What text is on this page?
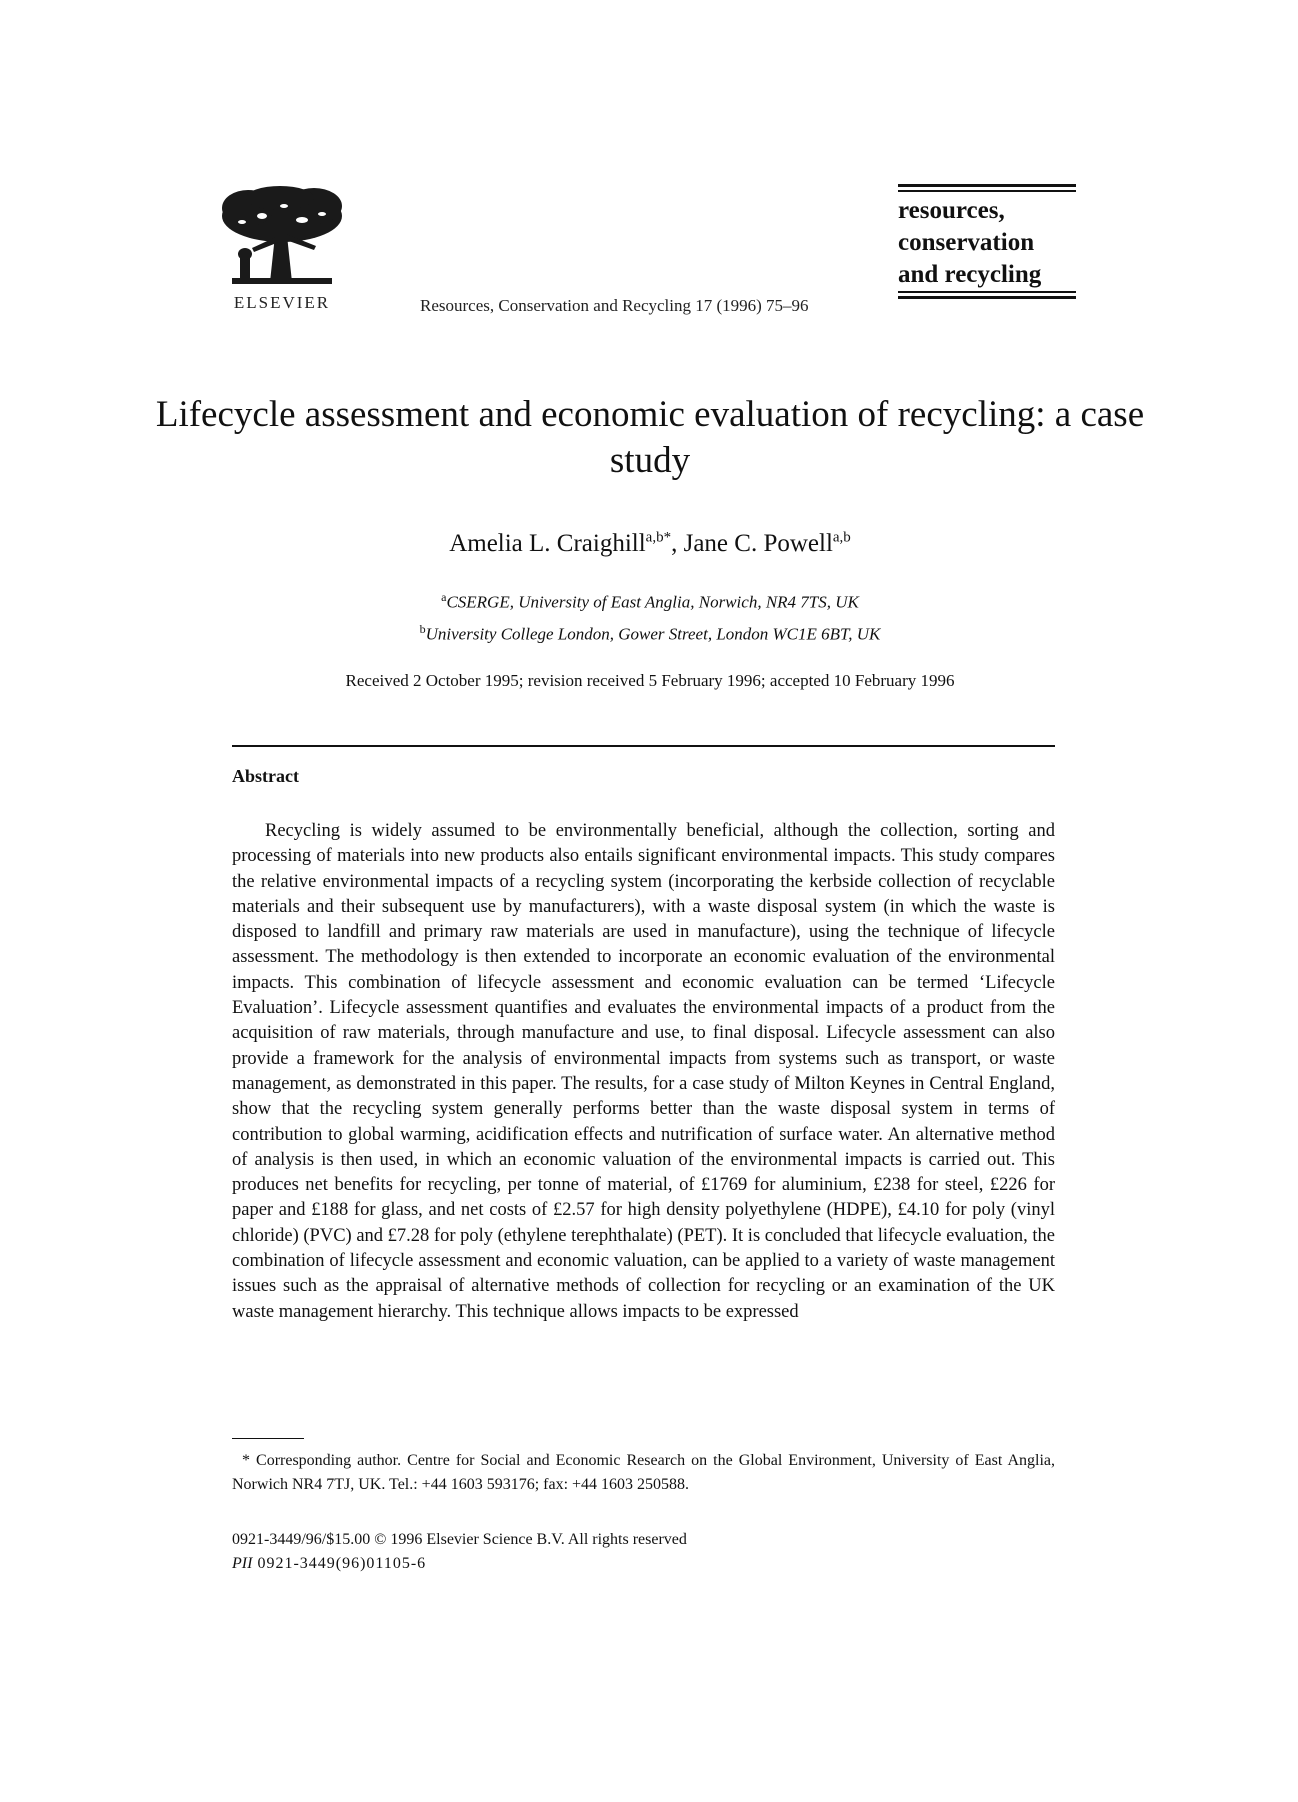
ELSEVIER	Resources, Conservation and Recycling 17 (1996) 75–96
resources,
conservation
and recycling
Lifecycle assessment and economic evaluation of recycling: a case study
Amelia L. Craighill$^{a,b*}$, Jane C. Powell$^{a,b}$
$^a$CSERGE, University of East Anglia, Norwich, NR4 7TS, UK
$^b$University College London, Gower Street, London WC1E 6BT, UK
Received 2 October 1995; revision received 5 February 1996; accepted 10 February 1996
Abstract
Recycling is widely assumed to be environmentally beneficial, although the collection, sorting and processing of materials into new products also entails significant environmental impacts. This study compares the relative environmental impacts of a recycling system (incorporating the kerbside collection of recyclable materials and their subsequent use by manufacturers), with a waste disposal system (in which the waste is disposed to landfill and primary raw materials are used in manufacture), using the technique of lifecycle assessment. The methodology is then extended to incorporate an economic evaluation of the environmental impacts. This combination of lifecycle assessment and economic evaluation can be termed ‘Lifecycle Evaluation’. Lifecycle assessment quantifies and evaluates the environmental impacts of a product from the acquisition of raw materials, through manufacture and use, to final disposal. Lifecycle assessment can also provide a framework for the analysis of environmental impacts from systems such as transport, or waste management, as demonstrated in this paper. The results, for a case study of Milton Keynes in Central England, show that the recycling system generally performs better than the waste disposal system in terms of contribution to global warming, acidification effects and nutrification of surface water. An alternative method of analysis is then used, in which an economic valuation of the environmental impacts is carried out. This produces net benefits for recycling, per tonne of material, of £1769 for aluminium, £238 for steel, £226 for paper and £188 for glass, and net costs of £2.57 for high density polyethylene (HDPE), £4.10 for poly (vinyl chloride) (PVC) and £7.28 for poly (ethylene terephthalate) (PET). It is concluded that lifecycle evaluation, the combination of lifecycle assessment and economic valuation, can be applied to a variety of waste management issues such as the appraisal of alternative methods of collection for recycling or an examination of the UK waste management hierarchy. This technique allows impacts to be expressed
* Corresponding author. Centre for Social and Economic Research on the Global Environment, University of East Anglia, Norwich NR4 7TJ, UK. Tel.: +44 1603 593176; fax: +44 1603 250588.
0921-3449/96/$15.00 © 1996 Elsevier Science B.V. All rights reserved
PII 0921-3449(96)01105-6
